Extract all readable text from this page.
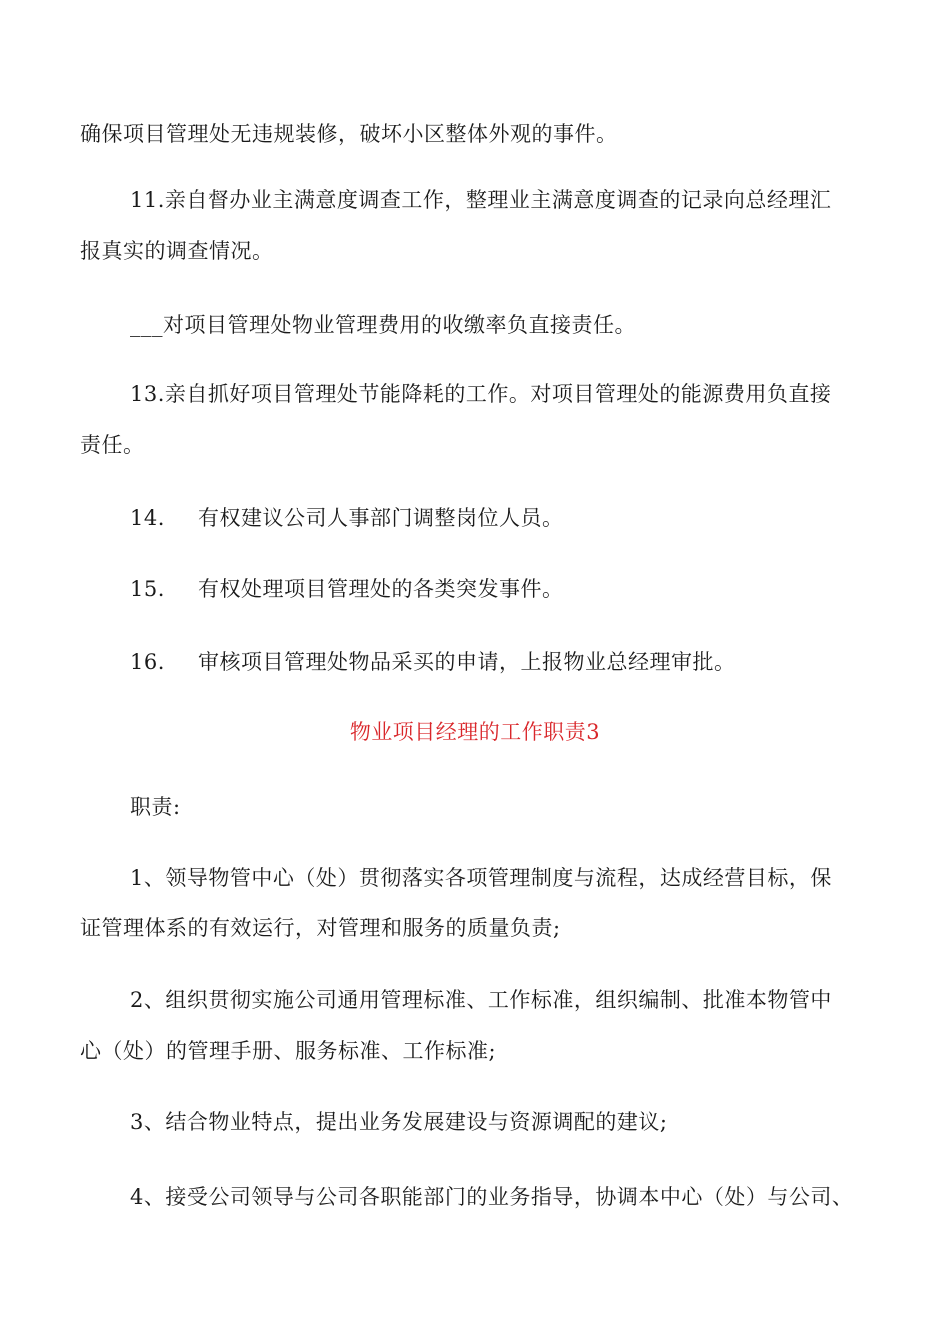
确保项目管理处无违规装修，破坏小区整体外观的事件。
11.亲自督办业主满意度调查工作，整理业主满意度调查的记录向总经理汇
报真实的调查情况。
___对项目管理处物业管理费用的收缴率负直接责任。
13.亲自抓好项目管理处节能降耗的工作。对项目管理处的能源费用负直接
责任。
14. 有权建议公司人事部门调整岗位人员。
15. 有权处理项目管理处的各类突发事件。
16. 审核项目管理处物品采买的申请，上报物业总经理审批。
物业项目经理的工作职责3
职责:
1、领导物管中心（处）贯彻落实各项管理制度与流程，达成经营目标，保
证管理体系的有效运行，对管理和服务的质量负责;
2、组织贯彻实施公司通用管理标准、工作标准，组织编制、批准本物管中
心（处）的管理手册、服务标准、工作标准;
3、结合物业特点，提出业务发展建设与资源调配的建议;
4、接受公司领导与公司各职能部门的业务指导，协调本中心（处）与公司、
